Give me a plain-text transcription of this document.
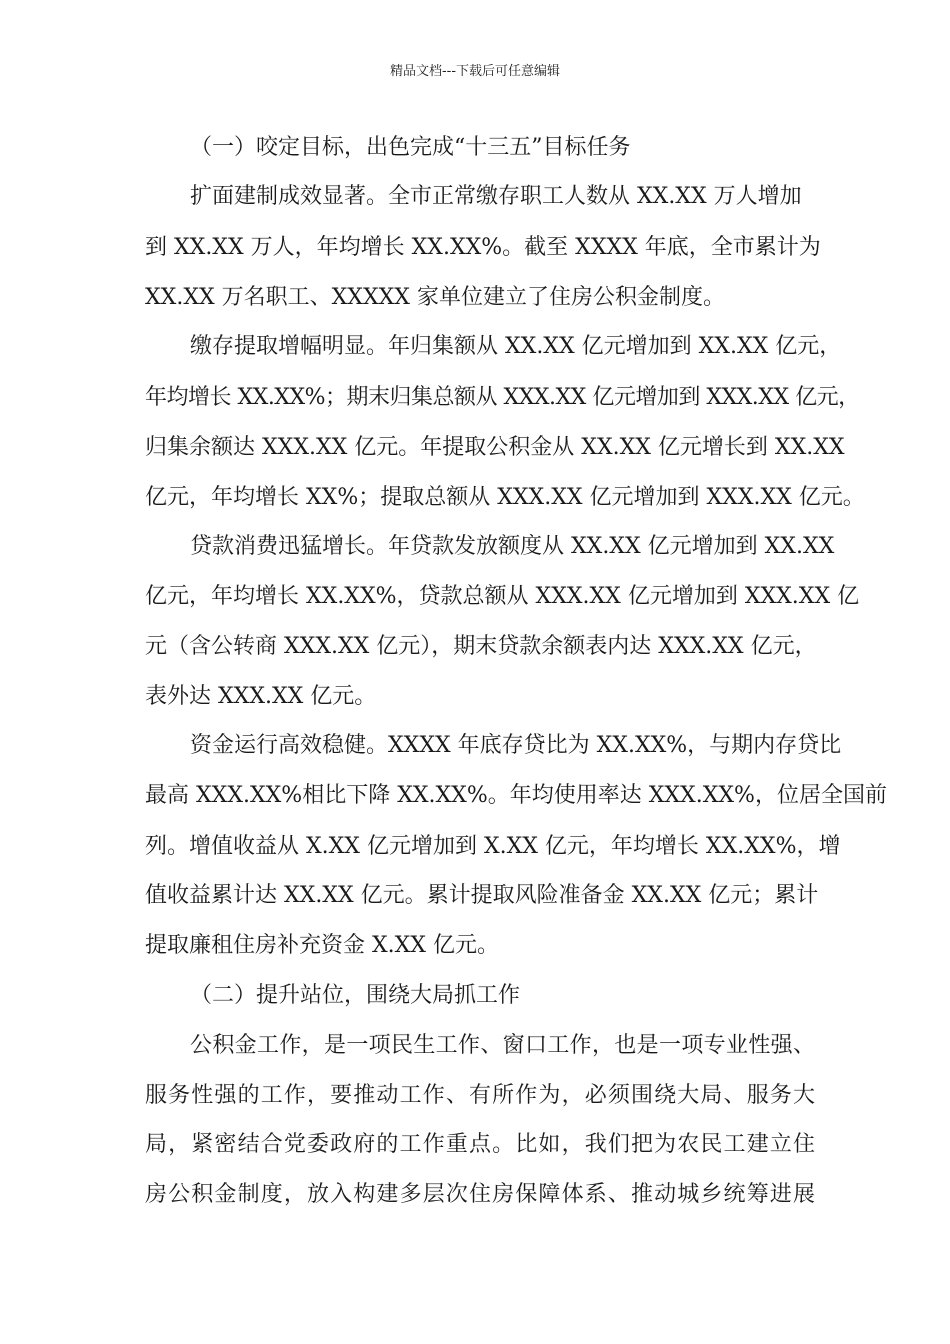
精品文档---下载后可任意编辑
（一）咬定目标，出色完成“十三五”目标任务
扩面建制成效显著。全市正常缴存职工人数从 XX.XX 万人增加
到 XX.XX 万人，年均增长 XX.XX%。截至 XXXX 年底，全市累计为
XX.XX 万名职工、XXXXX 家单位建立了住房公积金制度。
缴存提取增幅明显。年归集额从 XX.XX 亿元增加到 XX.XX 亿元，
年均增长 XX.XX%；期末归集总额从 XXX.XX 亿元增加到 XXX.XX 亿元，
归集余额达 XXX.XX 亿元。年提取公积金从 XX.XX 亿元增长到 XX.XX
亿元，年均增长 XX%；提取总额从 XXX.XX 亿元增加到 XXX.XX 亿元。
贷款消费迅猛增长。年贷款发放额度从 XX.XX 亿元增加到 XX.XX
亿元，年均增长 XX.XX%，贷款总额从 XXX.XX 亿元增加到 XXX.XX 亿
元（含公转商 XXX.XX 亿元），期末贷款余额表内达 XXX.XX 亿元，
表外达 XXX.XX 亿元。
资金运行高效稳健。XXXX 年底存贷比为 XX.XX%，与期内存贷比
最高 XXX.XX%相比下降 XX.XX%。年均使用率达 XXX.XX%，位居全国前
列。增值收益从 X.XX 亿元增加到 X.XX 亿元，年均增长 XX.XX%，增
值收益累计达 XX.XX 亿元。累计提取风险准备金 XX.XX 亿元；累计
提取廉租住房补充资金 X.XX 亿元。
（二）提升站位，围绕大局抓工作
公积金工作，是一项民生工作、窗口工作，也是一项专业性强、
服务性强的工作，要推动工作、有所作为，必须围绕大局、服务大
局，紧密结合党委政府的工作重点。比如，我们把为农民工建立住
房公积金制度，放入构建多层次住房保障体系、推动城乡统筹进展
